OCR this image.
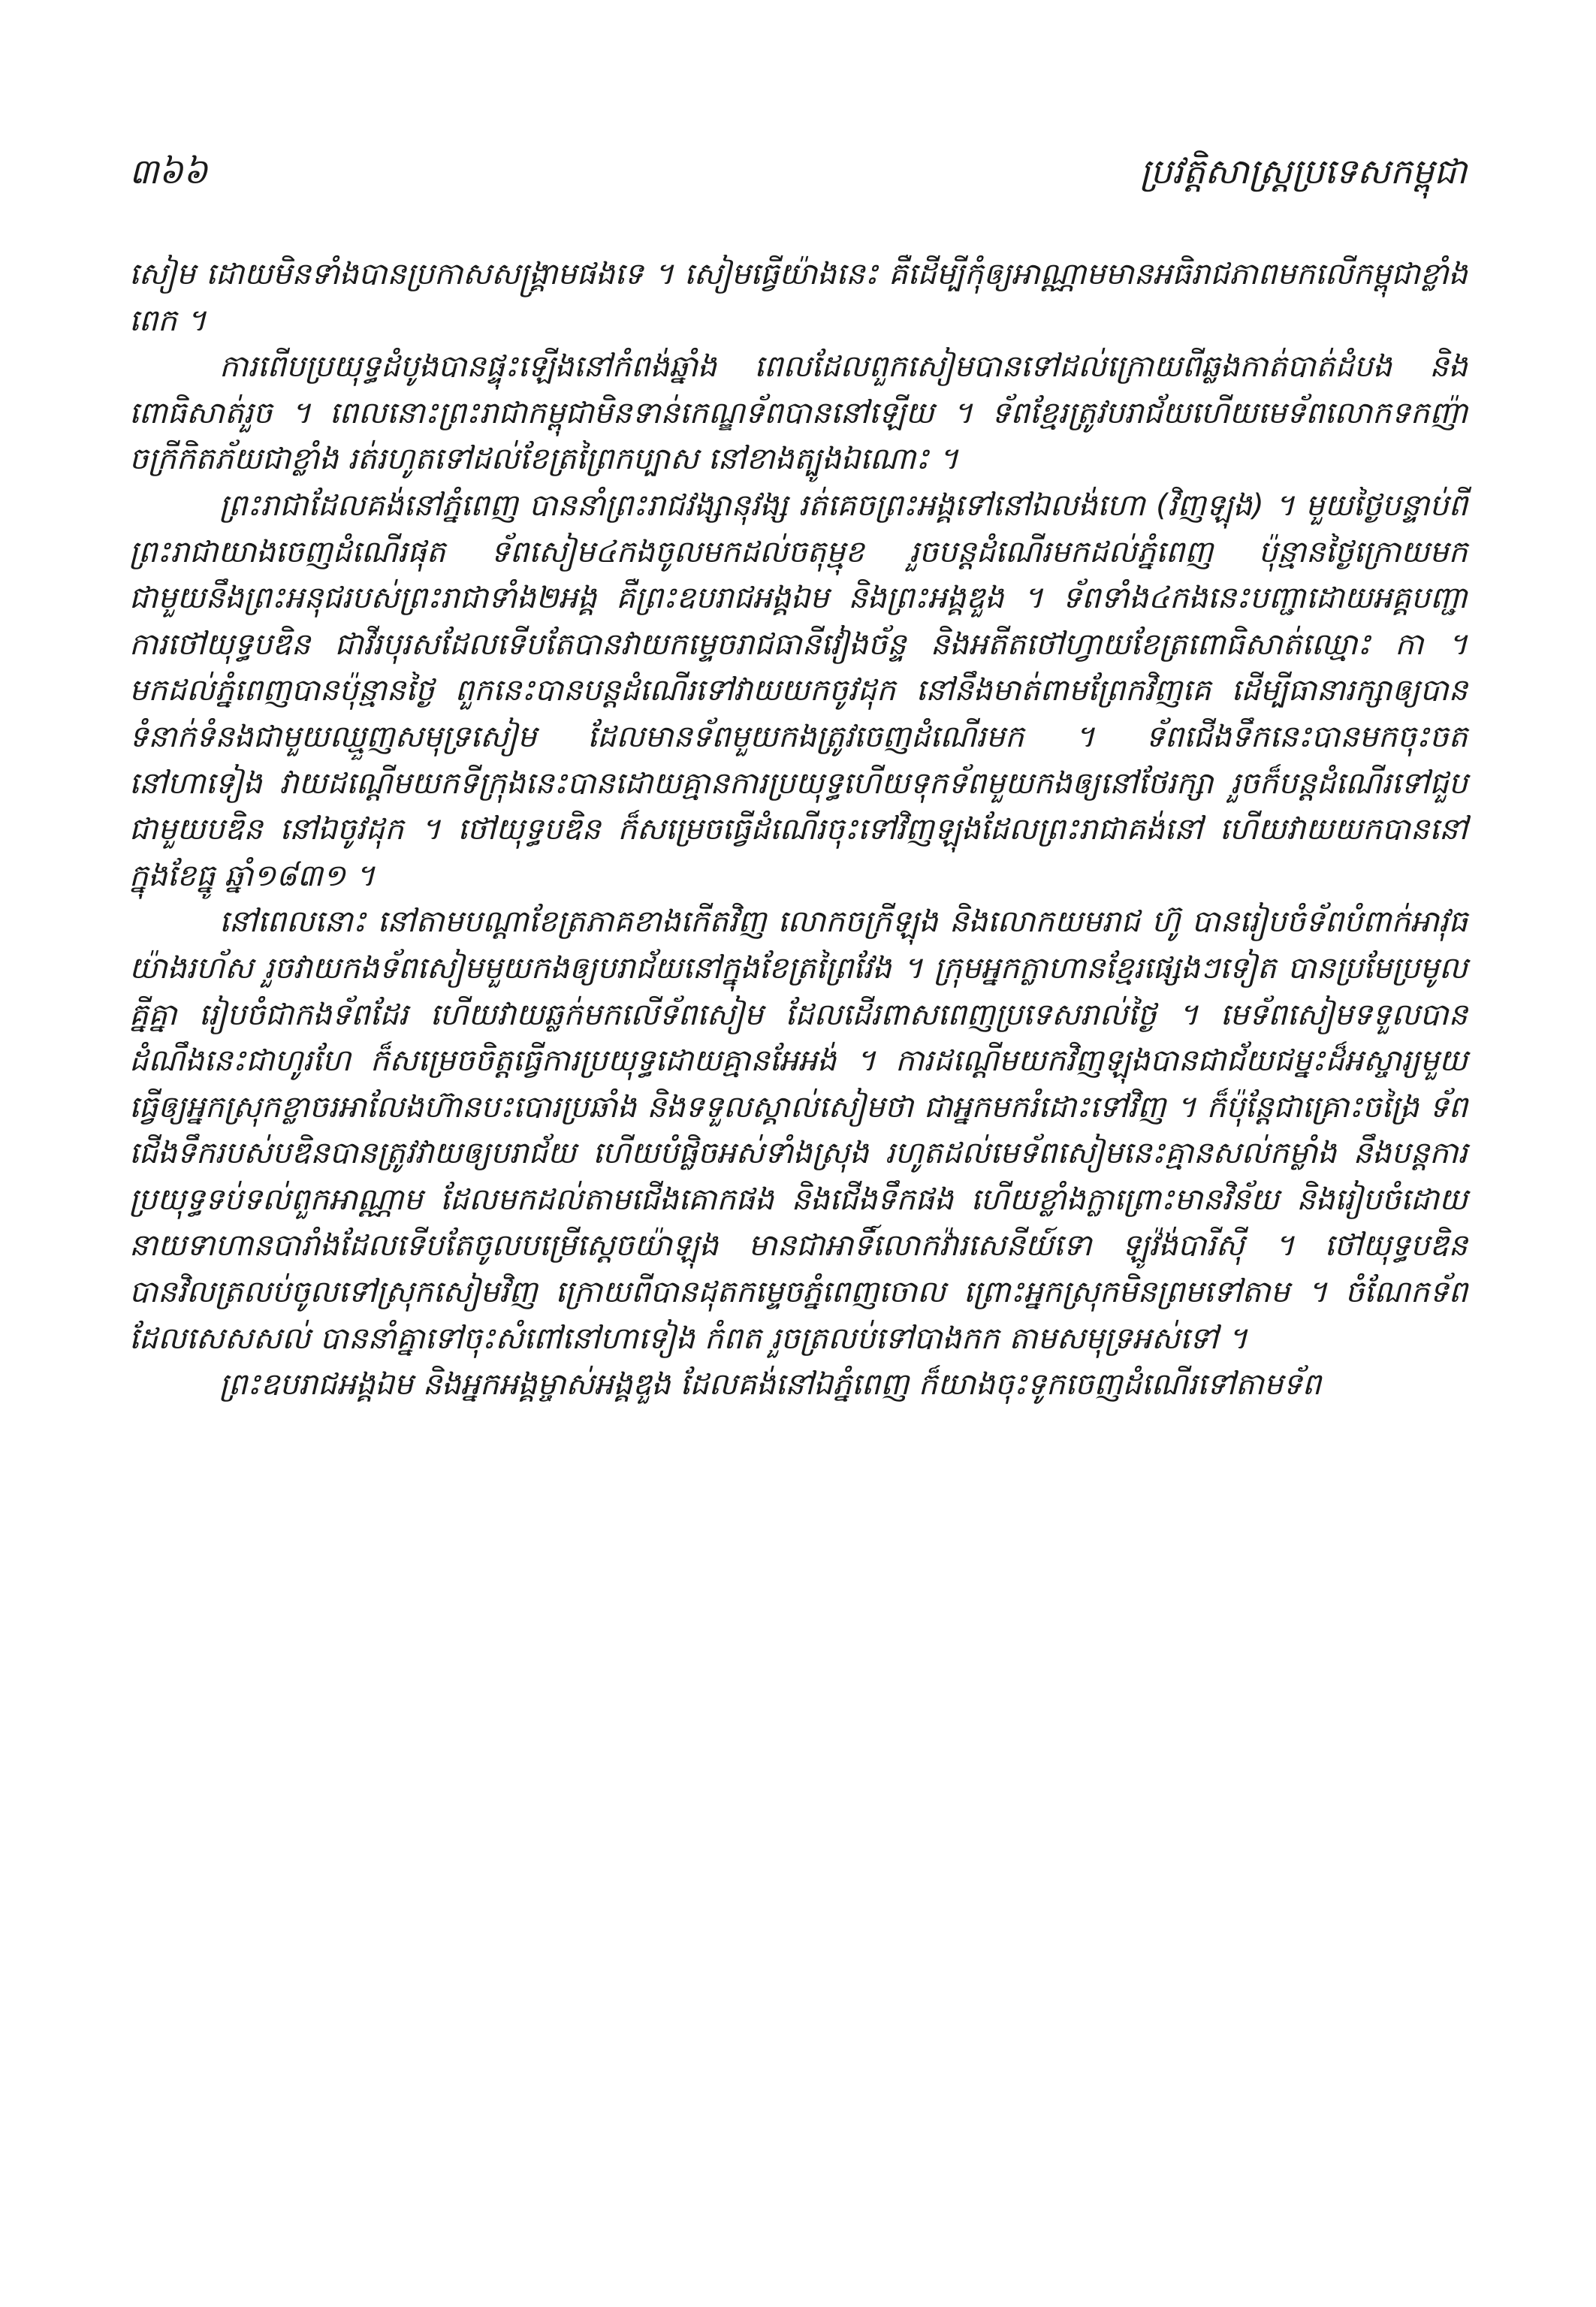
៣៦៦	ប្រវត្តិសាស្ត្រប្រទេសកម្ពុជា

សៀម ដោយមិនទាំងបានប្រកាសសង្គ្រាមផងទេ ។ សៀមធ្វើយ៉ាងនេះ គឺដើម្បីកុំឲ្យអាណ្ណាមមានអធិរាជភាពមកលើកម្ពុជាខ្លាំងពេក ។

ការពើបប្រយុទ្ធដំបូងបានផ្ទុះឡើងនៅកំពង់ឆ្នាំង ពេលដែលពួកសៀមបានទៅដល់ក្រោយពីឆ្លងកាត់បាត់ដំបង និងពោធិសាត់រួច ។ ពេលនោះព្រះរាជាកម្ពុជាមិនទាន់កេណ្ឌទ័ពបាននៅឡើយ ។ ទ័ពខ្មែរត្រូវបរាជ័យហើយមេទ័ពលោកទកញ៉ាចក្រីកិតភ័យជាខ្លាំង រត់រហូតទៅដល់ខែត្រព្រៃកប្បាស នៅខាងត្បូងឯណោះ ។

ព្រះរាជាដែលគង់នៅភ្នំពេញ បាននាំព្រះរាជវង្សានុវង្ស រត់គេចព្រះអង្គទៅនៅឯលង់ហោ (វិញឡុង) ។ មួយថ្ងៃបន្ទាប់ពីព្រះរាជាយាងចេញដំណើរផុត ទ័ពសៀម៤កងចូលមកដល់ចតុម្មុខ រួចបន្តដំណើរមកដល់ភ្នំពេញ ប៉ុន្មានថ្ងៃក្រោយមក ជាមួយនឹងព្រះអនុជរបស់ព្រះរាជាទាំង២អង្គ គឺព្រះឧបរាជអង្គឯម និងព្រះអង្គឌួង ។ ទ័ពទាំង៤កងនេះបញ្ជាដោយអគ្គបញ្ជាការថៅយុទ្ធបឌិន ជាវីរបុរសដែលទើបតែបានវាយកម្ទេចរាជធានីវៀងច័ន្ទ និងអតីតថៅហ្វាយខែត្រពោធិសាត់ឈ្មោះ កា ។ មកដល់ភ្នំពេញបានប៉ុន្មានថ្ងៃ ពួកនេះបានបន្តដំណើរទៅវាយយកចូវដុក នៅនឹងមាត់ពាមព្រែកវិញគេ ដើម្បីធានារក្សាឲ្យបានទំនាក់ទំនងជាមួយឈ្មួញសមុទ្រសៀម ដែលមានទ័ពមួយកងត្រូវចេញដំណើរមក ។ ទ័ពជើងទឹកនេះបានមកចុះចតនៅហាទៀង វាយដណ្តើមយកទីក្រុងនេះបានដោយគ្មានការប្រយុទ្ធហើយទុកទ័ពមួយកងឲ្យនៅថែរក្សា រួចក៏បន្តដំណើរទៅជួបជាមួយបឌិន នៅឯចូវដុក ។ ថៅយុទ្ធបឌិន ក៏សម្រេចធ្វើដំណើរចុះទៅវិញឡុងដែលព្រះរាជាគង់នៅ ហើយវាយយកបាននៅក្នុងខែធ្នូ ឆ្នាំ១៨៣១ ។

នៅពេលនោះ នៅតាមបណ្តាខែត្រភាគខាងកើតវិញ លោកចក្រីឡុង និងលោកយមរាជ ហ៊ូ បានរៀបចំទ័ពបំពាក់អាវុធយ៉ាងរហ័ស រួចវាយកងទ័ពសៀមមួយកងឲ្យបរាជ័យនៅក្នុងខែត្រព្រៃវែង ។ ក្រុមអ្នកក្លាហានខ្មែរផ្សេងៗទៀត បានប្រមែប្រមូលគ្នីគ្នា រៀបចំជាកងទ័ពដែរ ហើយវាយឆ្លក់មកលើទ័ពសៀម ដែលដើរពាសពេញប្រទេសរាល់ថ្ងៃ ។ មេទ័ពសៀមទទួលបានដំណឹងនេះជាហូរហែ ក៏សម្រេចចិត្តធ្វើការប្រយុទ្ធដោយគ្មានអែអង់ ។ ការដណ្តើមយកវិញឡុងបានជាជ័យជម្នះដ៏អស្ចារ្យមួយ ធ្វើឲ្យអ្នកស្រុកខ្លាចរអាលែងហ៊ានបះបោរប្រឆាំង និងទទួលស្គាល់សៀមថា ជាអ្នកមករំដោះទៅវិញ ។ ក៏ប៉ុន្តែជាគ្រោះចង្រៃ ទ័ពជើងទឹករបស់បឌិនបានត្រូវវាយឲ្យបរាជ័យ ហើយបំផ្លិចអស់ទាំងស្រុង រហូតដល់មេទ័ពសៀមនេះគ្មានសល់កម្លាំង នឹងបន្តការប្រយុទ្ធទប់ទល់ពួកអាណ្ណាម ដែលមកដល់តាមជើងគោកផង និងជើងទឹកផង ហើយខ្លាំងក្លាព្រោះមានវិន័យ និងរៀបចំដោយនាយទាហានបារាំងដែលទើបតែចូលបម្រើស្តេចយ៉ាឡុង មានជាអាទិ៍លោកវ៉ារសេនីយ៍ទោ ឡូវ៉ង់បារីស៊ី ។ ថៅយុទ្ធបឌិនបានវិលត្រលប់ចូលទៅស្រុកសៀមវិញ ក្រោយពីបានដុតកម្ទេចភ្នំពេញចោល ព្រោះអ្នកស្រុកមិនព្រមទៅតាម ។ ចំណែកទ័ពដែលសេសសល់ បាននាំគ្នាទៅចុះសំពៅនៅហាទៀង កំពត រួចត្រលប់ទៅបាងកក តាមសមុទ្រអស់ទៅ ។

ព្រះឧបរាជអង្គឯម និងអ្នកអង្គម្ចាស់អង្គឌួង ដែលគង់នៅឯភ្នំពេញ ក៏យាងចុះទូកចេញដំណើរទៅតាមទ័ព
